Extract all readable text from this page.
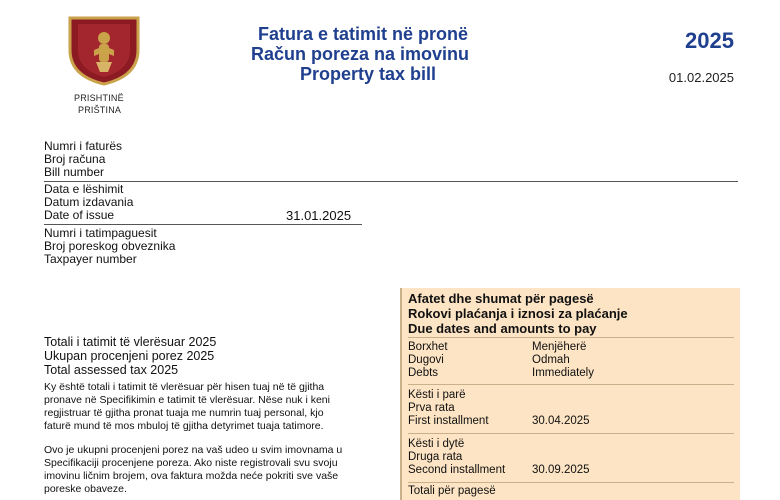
PRISHTINË
PRIŠTINA
Fatura e tatimit në pronë
Račun poreza na imovinu
Property tax bill
2025
01.02.2025
Numri i faturës
Broj računa
Bill number
Data e lëshimit
Datum izdavania
Date of issue	31.01.2025
Numri i tatimpaguesit
Broj poreskog obveznika
Taxpayer number
Totali i tatimit të vlerësuar 2025
Ukupan procenjeni porez 2025
Total assessed tax 2025
Ky është totali i tatimit të vlerësuar për hisen tuaj në të gjitha pronave në Specifikimin e tatimit të vlerësuar. Nëse nuk i keni regjistruar të gjitha pronat tuaja me numrin tuaj personal, kjo faturë mund të mos mbuloj të gjitha detyrimet tuaja tatimore.
Ovo je ukupni procenjeni porez na vaš udeo u svim imovnama u Specifikaciji procenjene poreza. Ako niste registrovali svu svoju imovinu ličnim brojem, ova faktura možda neće pokriti sve vaše poreske obaveze.
Afatet dhe shumat për pagesë
Rokovi plaćanja i iznosi za plaćanje
Due dates and amounts to pay
Borxhet
Dugovi
Debts
Menjëherë
Odmah
Immediately
Kësti i parë
Prva rata
First installment	30.04.2025
Kësti i dytë
Druga rata
Second installment 30.09.2025
Totali për pagesë
